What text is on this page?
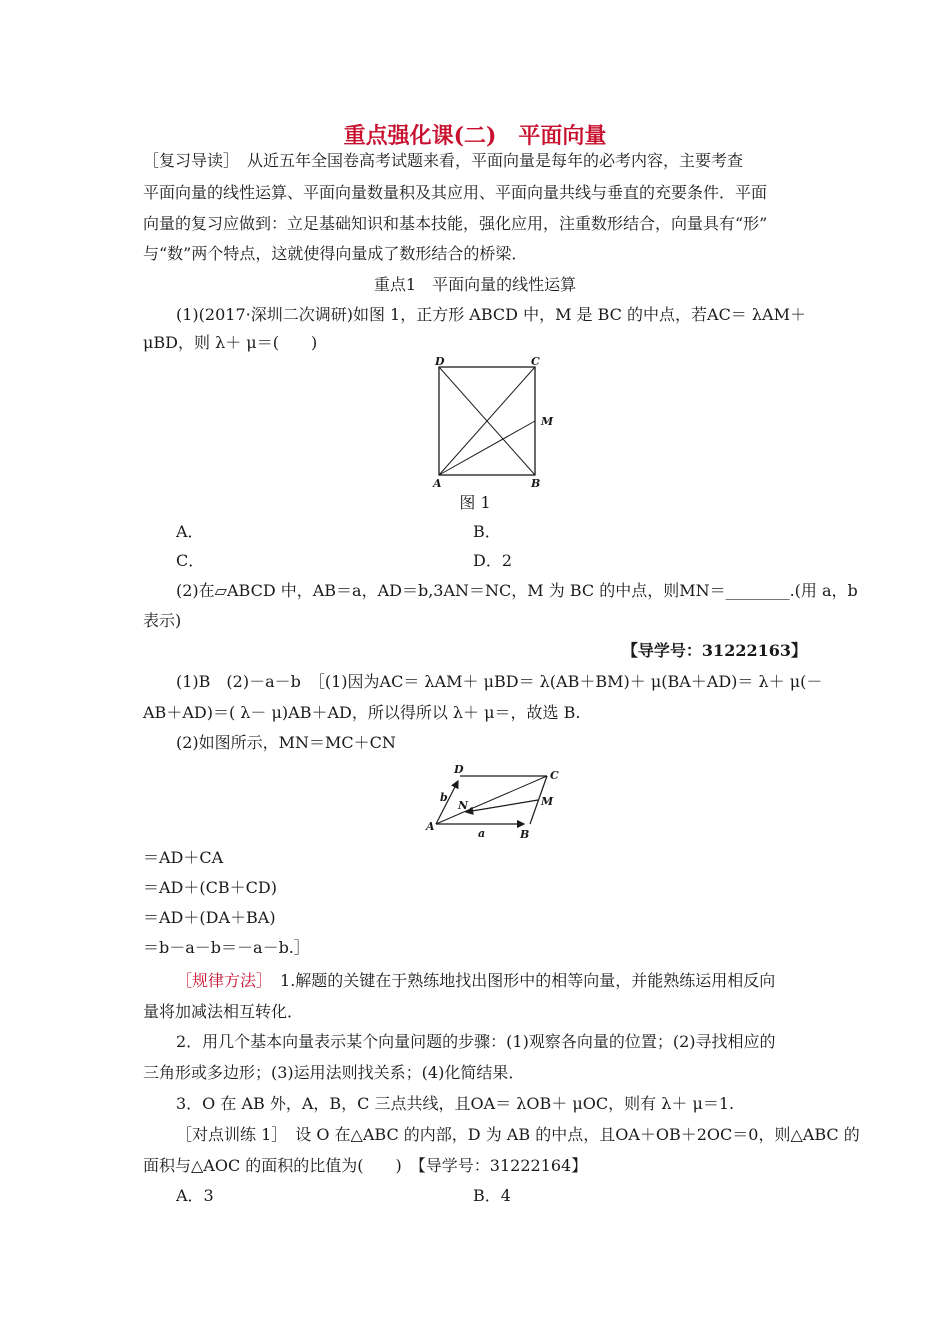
重点强化课(二)　平面向量
［复习导读］　从近五年全国卷高考试题来看，平面向量是每年的必考内容，主要考查
平面向量的线性运算、平面向量数量积及其应用、平面向量共线与垂直的充要条件．平面
向量的复习应做到：立足基础知识和基本技能，强化应用，注重数形结合，向量具有“形”
与“数”两个特点，这就使得向量成了数形结合的桥梁．
重点1　平面向量的线性运算
(1)(2017·深圳二次调研)如图 1，正方形 ABCD 中，M 是 BC 的中点，若AC＝ λAM＋
μBD，则 λ＋ μ＝(　　)
D	C
M
A	B
图 1
A．	B．
C．	D．2
(2)在▱ABCD 中，AB＝a，AD＝b,3AN＝NC，M 为 BC 的中点，则MN＝________.(用 a，b
表示)
【导学号：31222163】
(1)B　(2)－a－b　［(1)因为AC＝ λAM＋ μBD＝ λ(AB＋BM)＋ μ(BA＋AD)＝ λ＋ μ(－
AB＋AD)＝( λ－ μ)AB＋AD，所以得所以 λ＋ μ＝，故选 B.
(2)如图所示，MN＝MC＋CN
D	C
M
N
A
B
a
b
＝AD＋CA
＝AD＋(CB＋CD)
＝AD＋(DA＋BA)
＝b－a－b＝－a－b.］
［规律方法］　1.解题的关键在于熟练地找出图形中的相等向量，并能熟练运用相反向
量将加减法相互转化．
2．用几个基本向量表示某个向量问题的步骤：(1)观察各向量的位置；(2)寻找相应的
三角形或多边形；(3)运用法则找关系；(4)化简结果．
3．O 在 AB 外，A，B，C 三点共线，且OA＝ λOB＋ μOC，则有 λ＋ μ＝1.
［对点训练 1］　设 O 在△ABC 的内部，D 为 AB 的中点，且OA＋OB＋2OC＝0，则△ABC 的
面积与△AOC 的面积的比值为(　　)　【导学号：31222164】
A．3	B．4
